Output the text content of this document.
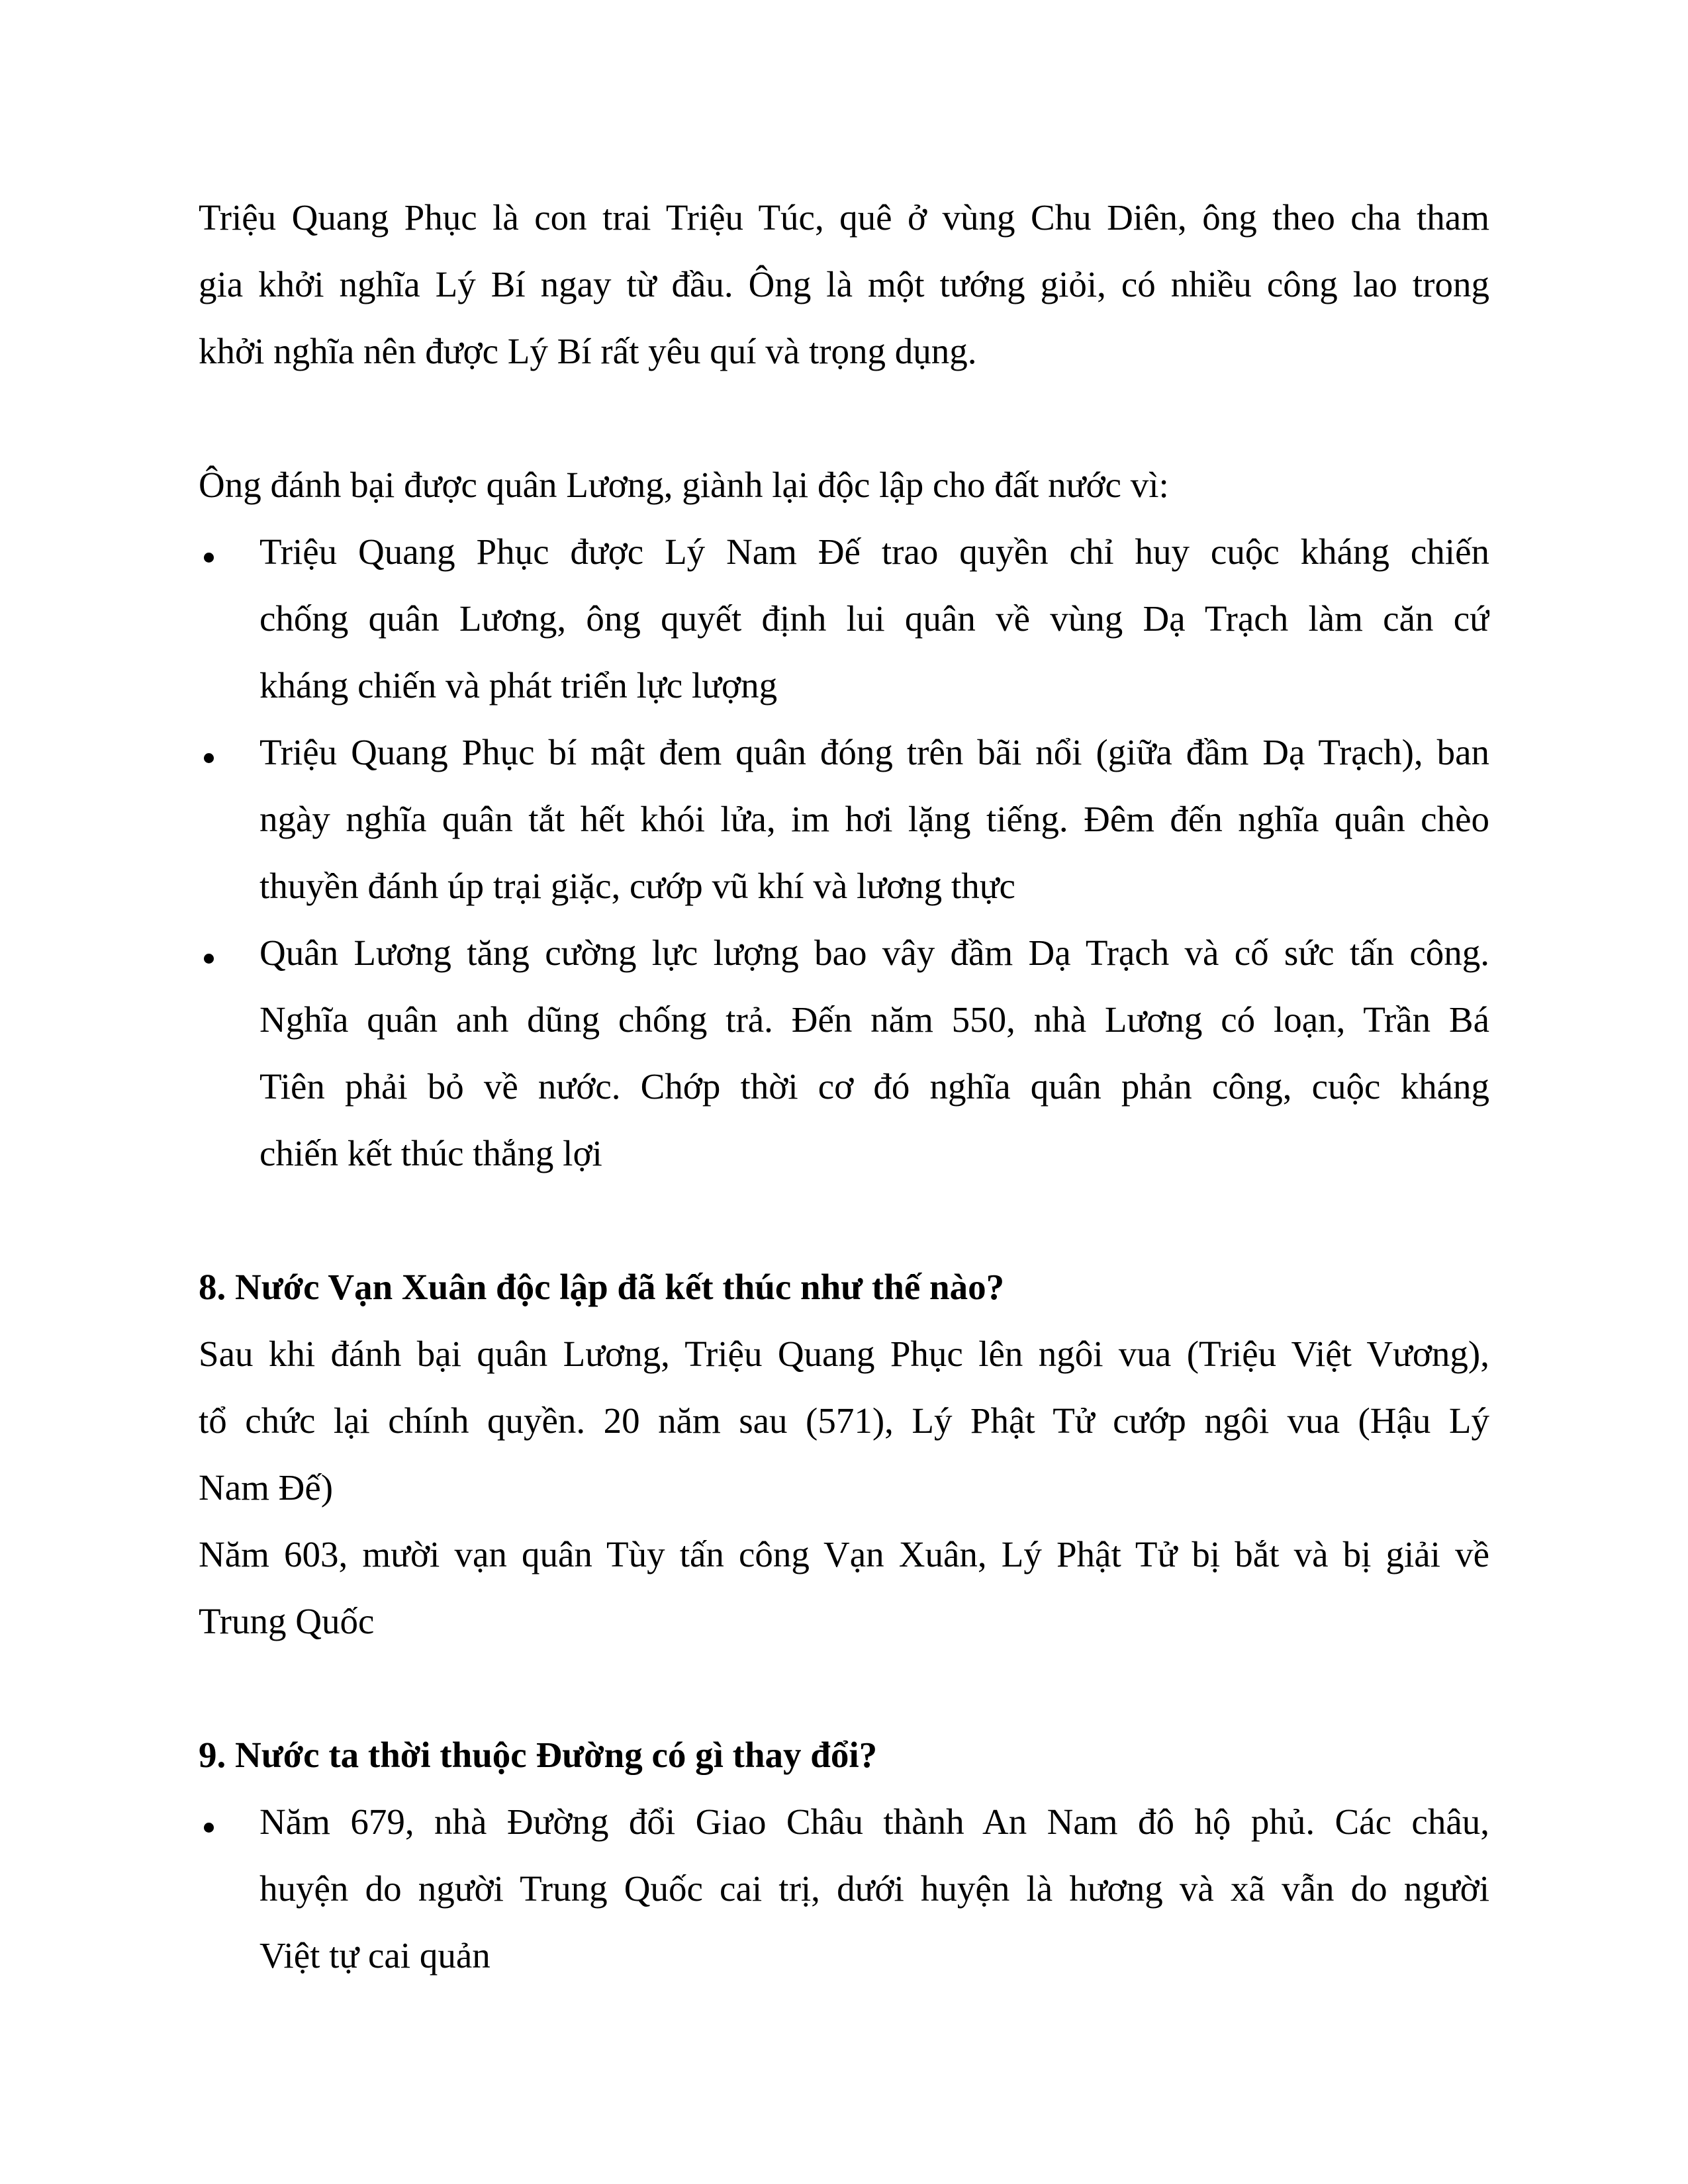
Triệu Quang Phục là con trai Triệu Túc, quê ở vùng Chu Diên, ông theo cha tham
gia khởi nghĩa Lý Bí ngay từ đầu. Ông là một tướng giỏi, có nhiều công lao trong
khởi nghĩa nên được Lý Bí rất yêu quí và trọng dụng.
Ông đánh bại được quân Lương, giành lại độc lập cho đất nước vì:
Triệu Quang Phục được Lý Nam Đế trao quyền chỉ huy cuộc kháng chiến
chống quân Lương, ông quyết định lui quân về vùng Dạ Trạch làm căn cứ
kháng chiến và phát triển lực lượng
Triệu Quang Phục bí mật đem quân đóng trên bãi nổi (giữa đầm Dạ Trạch), ban
ngày nghĩa quân tắt hết khói lửa, im hơi lặng tiếng. Đêm đến nghĩa quân chèo
thuyền đánh úp trại giặc, cướp vũ khí và lương thực
Quân Lương tăng cường lực lượng bao vây đầm Dạ Trạch và cố sức tấn công.
Nghĩa quân anh dũng chống trả. Đến năm 550, nhà Lương có loạn, Trần Bá
Tiên phải bỏ về nước. Chớp thời cơ đó nghĩa quân phản công, cuộc kháng
chiến kết thúc thắng lợi
8. Nước Vạn Xuân độc lập đã kết thúc như thế nào?
Sau khi đánh bại quân Lương, Triệu Quang Phục lên ngôi vua (Triệu Việt Vương),
tổ chức lại chính quyền. 20 năm sau (571), Lý Phật Tử cướp ngôi vua (Hậu Lý
Nam Đế)
Năm 603, mười vạn quân Tùy tấn công Vạn Xuân, Lý Phật Tử bị bắt và bị giải về
Trung Quốc
9. Nước ta thời thuộc Đường có gì thay đổi?
Năm 679, nhà Đường đổi Giao Châu thành An Nam đô hộ phủ. Các châu,
huyện do người Trung Quốc cai trị, dưới huyện là hương và xã vẫn do người
Việt tự cai quản
